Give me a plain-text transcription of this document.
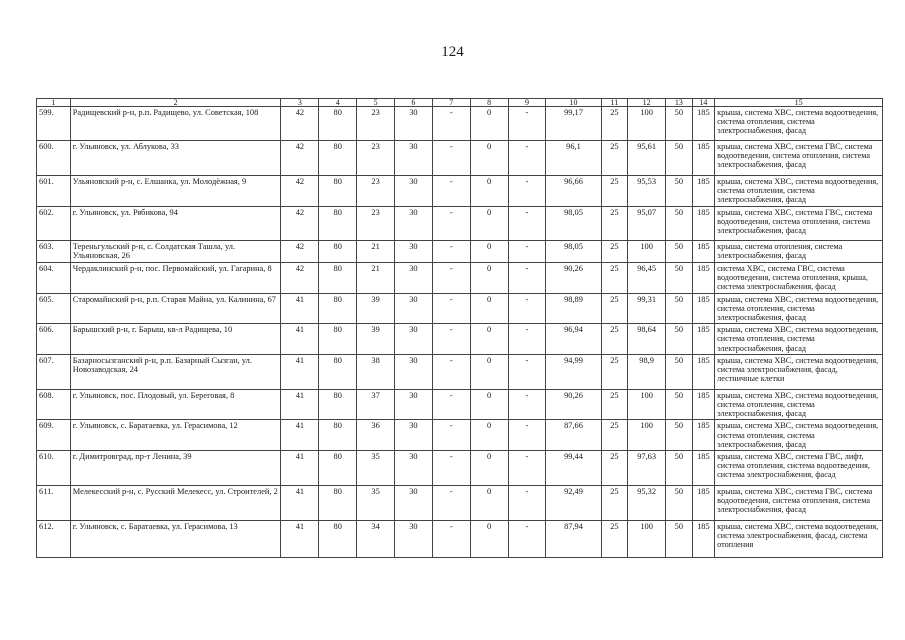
124
1	2	3	4	5	6	7	8	9	10	11	12	13	14	15
599.	Радищевский р-н, р.п. Радищево, ул. Советская, 108	42	80	23	30	-	0	-	99,17	25	100	50	185	крыша, система ХВС, система водоотведения, система отопления, система электроснабжения, фасад
600.	г. Ульяновск, ул. Аблукова, 33	42	80	23	30	-	0	-	96,1	25	95,61	50	185	крыша, система ХВС, система ГВС, система водоотведения, система отопления, система электроснабжения, фасад
601.	Ульяновский р-н, с. Елшанка, ул. Молодёжная, 9	42	80	23	30	-	0	-	96,66	25	95,53	50	185	крыша, система ХВС, система водоотведения, система отопления, система электроснабжения, фасад
602.	г. Ульяновск, ул. Рябикова, 94	42	80	23	30	-	0	-	98,05	25	95,07	50	185	крыша, система ХВС, система ГВС, система водоотведения, система отопления, система электроснабжения, фасад
603.	Тереньгульский р-н, с. Солдатская Ташла, ул. Ульяновская, 26	42	80	21	30	-	0	-	98,05	25	100	50	185	крыша, система отопления, система электроснабжения, фасад
604.	Чердаклинский р-н, пос. Первомайский, ул. Гагарина, 8	42	80	21	30	-	0	-	90,26	25	96,45	50	185	система ХВС, система ГВС, система водоотведения, система отопления, крыша, система электроснабжения, фасад
605.	Старомайнский р-н, р.п. Старая Майна, ул. Калинина, 67	41	80	39	30	-	0	-	98,89	25	99,31	50	185	крыша, система ХВС, система водоотведения, система отопления, система электроснабжения, фасад
606.	Барышский р-н, г. Барыш, кв-л Радищева, 10	41	80	39	30	-	0	-	96,94	25	98,64	50	185	крыша, система ХВС, система водоотведения, система отопления, система электроснабжения, фасад
607.	Базарносызганский р-н, р.п. Базарный Сызган, ул. Новозаводская, 24	41	80	38	30	-	0	-	94,99	25	98,9	50	185	крыша, система ХВС, система водоотведения, система электроснабжения, фасад, лестничные клетки
608.	г. Ульяновск, пос. Плодовый, ул. Береговая, 8	41	80	37	30	-	0	-	90,26	25	100	50	185	крыша, система ХВС, система водоотведения, система отопления, система электроснабжения, фасад
609.	г. Ульяновск, с. Баратаевка, ул. Герасимова, 12	41	80	36	30	-	0	-	87,66	25	100	50	185	крыша, система ХВС, система водоотведения, система отопления, система электроснабжения, фасад
610.	г. Димитровград, пр-т Ленина, 39	41	80	35	30	-	0	-	99,44	25	97,63	50	185	крыша, система ХВС, система ГВС, лифт, система отопления, система водоотведения, система электроснабжения, фасад
611.	Мелекесский р-н, с. Русский Мелекесс, ул. Строителей, 2	41	80	35	30	-	0	-	92,49	25	95,32	50	185	крыша, система ХВС, система ГВС, система водоотведения, система отопления, система электроснабжения, фасад
612.	г. Ульяновск, с. Баратаевка, ул. Герасимова, 13	41	80	34	30	-	0	-	87,94	25	100	50	185	крыша, система ХВС, система водоотведения, система электроснабжения, фасад, система отопления
